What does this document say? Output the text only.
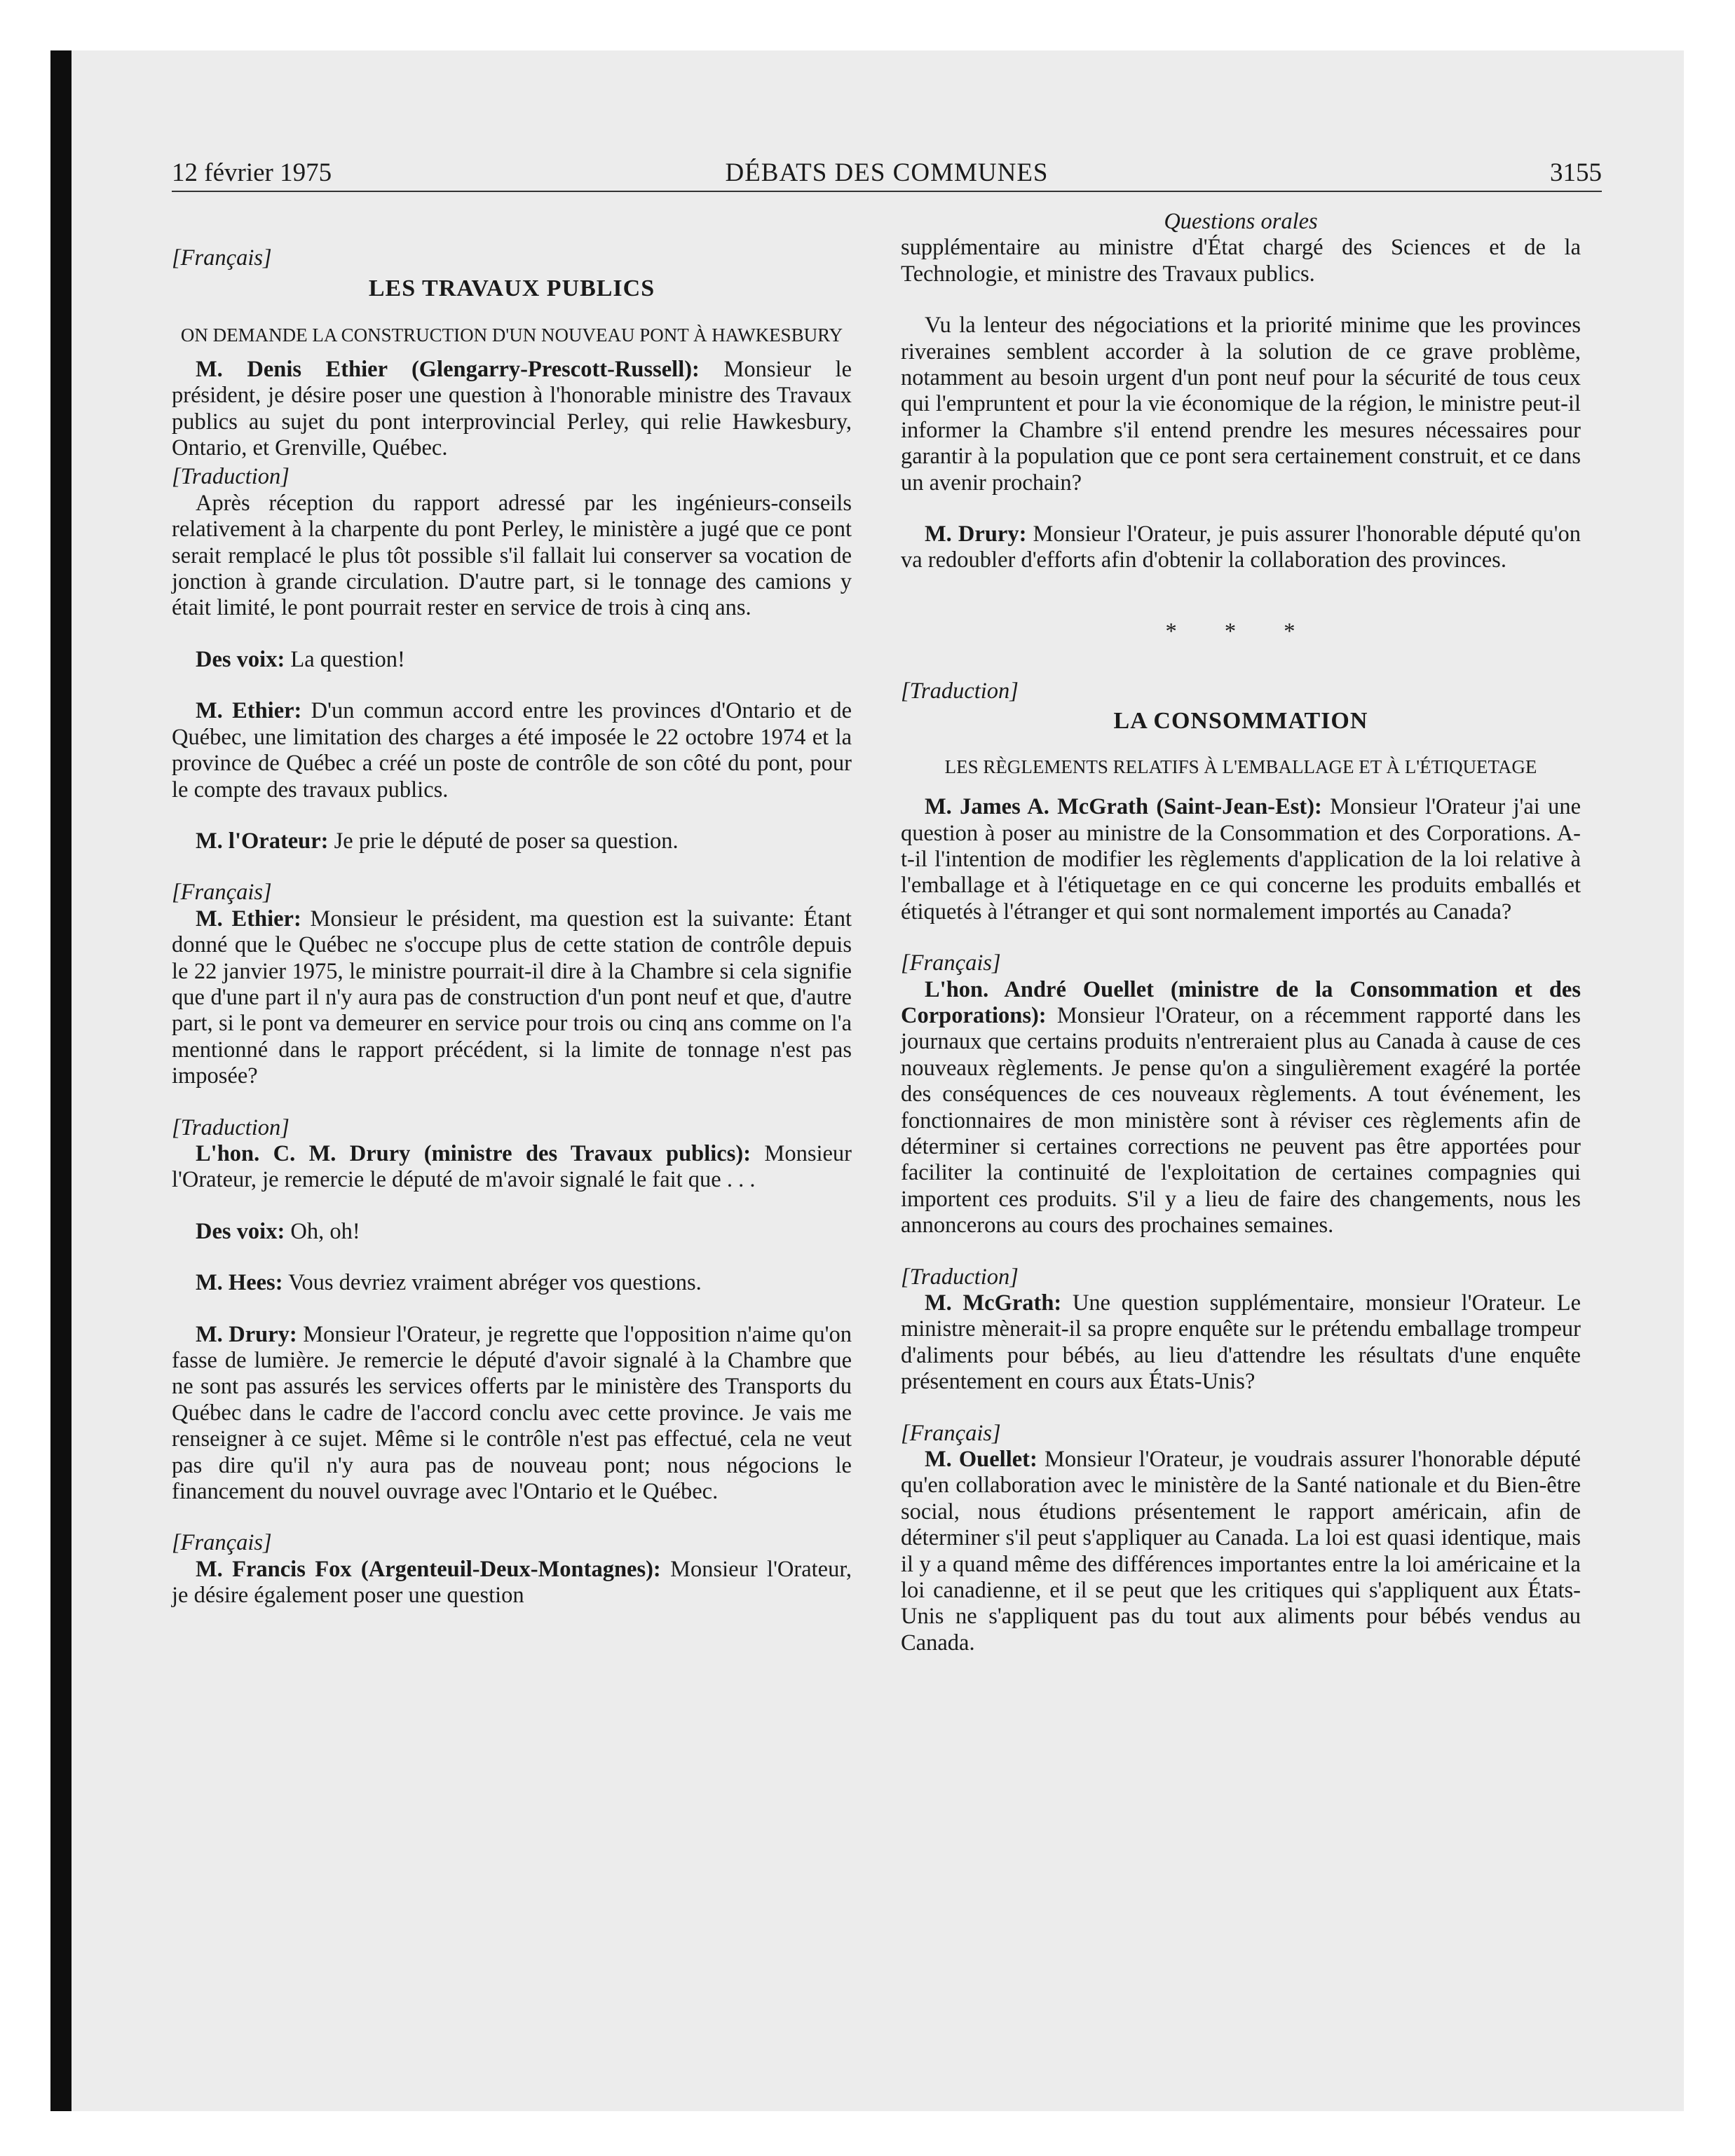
12 février 1975	DÉBATS DES COMMUNES	3155

[Français]

LES TRAVAUX PUBLICS

ON DEMANDE LA CONSTRUCTION D'UN NOUVEAU PONT À HAWKESBURY

M. Denis Ethier (Glengarry-Prescott-Russell): Monsieur le président, je désire poser une question à l'honorable ministre des Travaux publics au sujet du pont interprovincial Perley, qui relie Hawkesbury, Ontario, et Grenville, Québec.

[Traduction]

Après réception du rapport adressé par les ingénieurs-conseils relativement à la charpente du pont Perley, le ministère a jugé que ce pont serait remplacé le plus tôt possible s'il fallait lui conserver sa vocation de jonction à grande circulation. D'autre part, si le tonnage des camions y était limité, le pont pourrait rester en service de trois à cinq ans.

Des voix: La question!

M. Ethier: D'un commun accord entre les provinces d'Ontario et de Québec, une limitation des charges a été imposée le 22 octobre 1974 et la province de Québec a créé un poste de contrôle de son côté du pont, pour le compte des travaux publics.

M. l'Orateur: Je prie le député de poser sa question.

[Français]

M. Ethier: Monsieur le président, ma question est la suivante: Étant donné que le Québec ne s'occupe plus de cette station de contrôle depuis le 22 janvier 1975, le ministre pourrait-il dire à la Chambre si cela signifie que d'une part il n'y aura pas de construction d'un pont neuf et que, d'autre part, si le pont va demeurer en service pour trois ou cinq ans comme on l'a mentionné dans le rapport précédent, si la limite de tonnage n'est pas imposée?

[Traduction]

L'hon. C. M. Drury (ministre des Travaux publics): Monsieur l'Orateur, je remercie le député de m'avoir signalé le fait que . . .

Des voix: Oh, oh!

M. Hees: Vous devriez vraiment abréger vos questions.

M. Drury: Monsieur l'Orateur, je regrette que l'opposition n'aime qu'on fasse de lumière. Je remercie le député d'avoir signalé à la Chambre que ne sont pas assurés les services offerts par le ministère des Transports du Québec dans le cadre de l'accord conclu avec cette province. Je vais me renseigner à ce sujet. Même si le contrôle n'est pas effectué, cela ne veut pas dire qu'il n'y aura pas de nouveau pont; nous négocions le financement du nouvel ouvrage avec l'Ontario et le Québec.

[Français]

M. Francis Fox (Argenteuil-Deux-Montagnes): Monsieur l'Orateur, je désire également poser une question

Questions orales

supplémentaire au ministre d'État chargé des Sciences et de la Technologie, et ministre des Travaux publics.

Vu la lenteur des négociations et la priorité minime que les provinces riveraines semblent accorder à la solution de ce grave problème, notamment au besoin urgent d'un pont neuf pour la sécurité de tous ceux qui l'empruntent et pour la vie économique de la région, le ministre peut-il informer la Chambre s'il entend prendre les mesures nécessaires pour garantir à la population que ce pont sera certainement construit, et ce dans un avenir prochain?

M. Drury: Monsieur l'Orateur, je puis assurer l'honorable député qu'on va redoubler d'efforts afin d'obtenir la collaboration des provinces.

* * *

[Traduction]

LA CONSOMMATION

LES RÈGLEMENTS RELATIFS À L'EMBALLAGE ET À L'ÉTIQUETAGE

M. James A. McGrath (Saint-Jean-Est): Monsieur l'Orateur j'ai une question à poser au ministre de la Consommation et des Corporations. A-t-il l'intention de modifier les règlements d'application de la loi relative à l'emballage et à l'étiquetage en ce qui concerne les produits emballés et étiquetés à l'étranger et qui sont normalement importés au Canada?

[Français]

L'hon. André Ouellet (ministre de la Consommation et des Corporations): Monsieur l'Orateur, on a récemment rapporté dans les journaux que certains produits n'entreraient plus au Canada à cause de ces nouveaux règlements. Je pense qu'on a singulièrement exagéré la portée des conséquences de ces nouveaux règlements. A tout événement, les fonctionnaires de mon ministère sont à réviser ces règlements afin de déterminer si certaines corrections ne peuvent pas être apportées pour faciliter la continuité de l'exploitation de certaines compagnies qui importent ces produits. S'il y a lieu de faire des changements, nous les annoncerons au cours des prochaines semaines.

[Traduction]

M. McGrath: Une question supplémentaire, monsieur l'Orateur. Le ministre mènerait-il sa propre enquête sur le prétendu emballage trompeur d'aliments pour bébés, au lieu d'attendre les résultats d'une enquête présentement en cours aux États-Unis?

[Français]

M. Ouellet: Monsieur l'Orateur, je voudrais assurer l'honorable député qu'en collaboration avec le ministère de la Santé nationale et du Bien-être social, nous étudions présentement le rapport américain, afin de déterminer s'il peut s'appliquer au Canada. La loi est quasi identique, mais il y a quand même des différences importantes entre la loi américaine et la loi canadienne, et il se peut que les critiques qui s'appliquent aux États-Unis ne s'appliquent pas du tout aux aliments pour bébés vendus au Canada.
